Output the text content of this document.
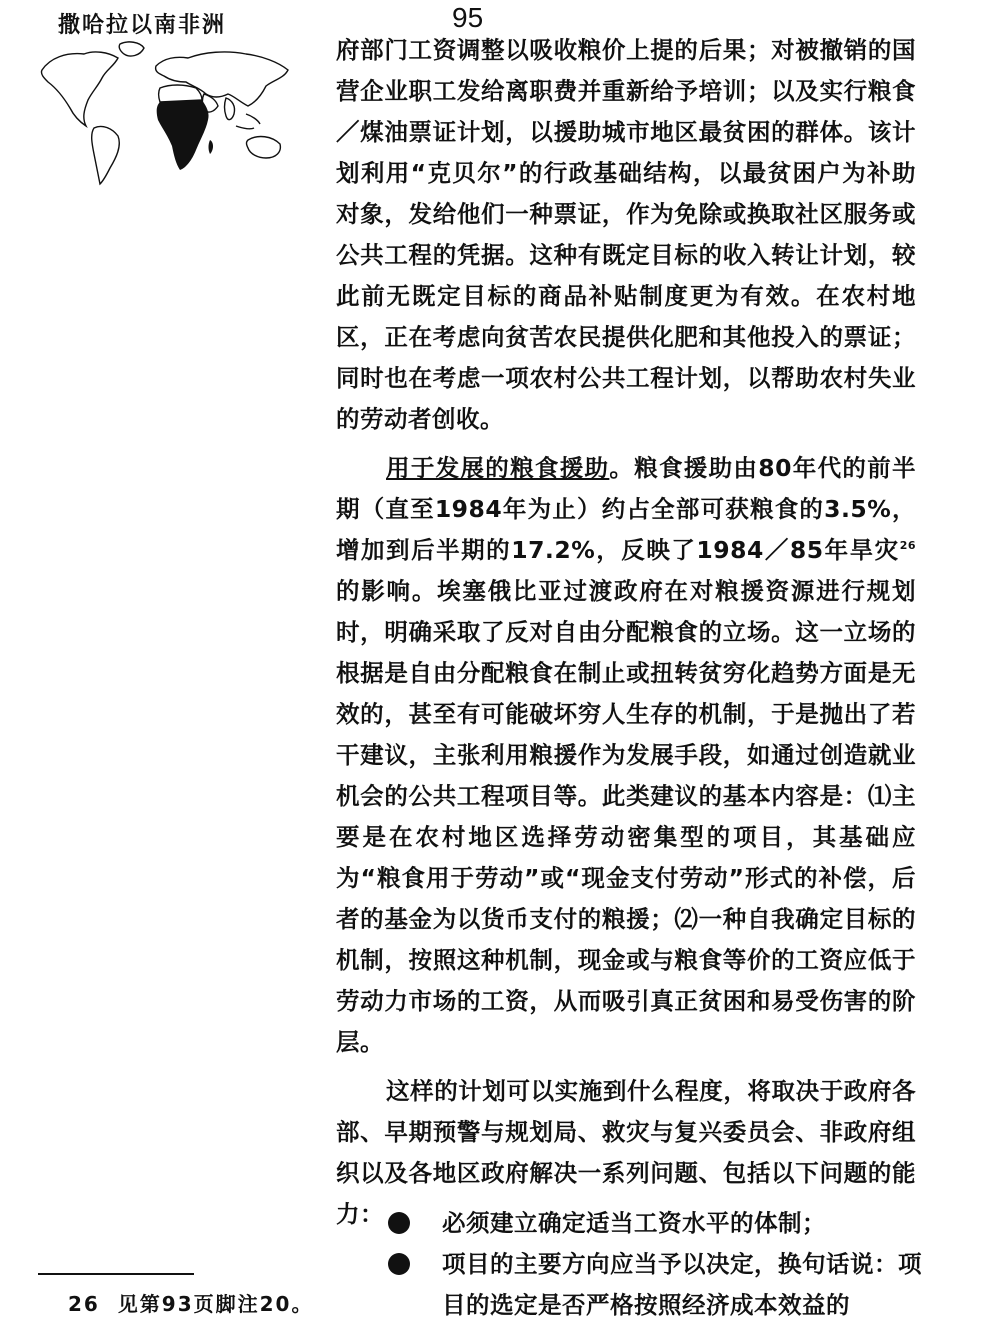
撒哈拉以南非洲	95

府部门工资调整以吸收粮价上提的后果；对被撤销的国营企业职工发给离职费并重新给予培训；以及实行粮食／煤油票证计划，以援助城市地区最贫困的群体。该计划利用“克贝尔”的行政基础结构，以最贫困户为补助对象，发给他们一种票证，作为免除或换取社区服务或公共工程的凭据。这种有既定目标的收入转让计划，较此前无既定目标的商品补贴制度更为有效。在农村地区，正在考虑向贫苦农民提供化肥和其他投入的票证；同时也在考虑一项农村公共工程计划，以帮助农村失业的劳动者创收。

用于发展的粮食援助。粮食援助由80年代的前半期（直至1984年为止）约占全部可获粮食的3.5%，增加到后半期的17.2%，反映了1984／85年旱灾$^{26}$的影响。埃塞俄比亚过渡政府在对粮援资源进行规划时，明确采取了反对自由分配粮食的立场。这一立场的根据是自由分配粮食在制止或扭转贫穷化趋势方面是无效的，甚至有可能破坏穷人生存的机制，于是抛出了若干建议，主张利用粮援作为发展手段，如通过创造就业机会的公共工程项目等。此类建议的基本内容是：⑴主要是在农村地区选择劳动密集型的项目，其基础应为“粮食用于劳动”或“现金支付劳动”形式的补偿，后者的基金为以货币支付的粮援；⑵一种自我确定目标的机制，按照这种机制，现金或与粮食等价的工资应低于劳动力市场的工资，从而吸引真正贫困和易受伤害的阶层。

这样的计划可以实施到什么程度，将取决于政府各部、早期预警与规划局、救灾与复兴委员会、非政府组织以及各地区政府解决一系列问题、包括以下问题的能力：	必须建立确定适当工资水平的体制；
项目的主要方向应当予以决定，换句话说：项目的选定是否严格按照经济成本效益的
26 见第93页脚注20。
